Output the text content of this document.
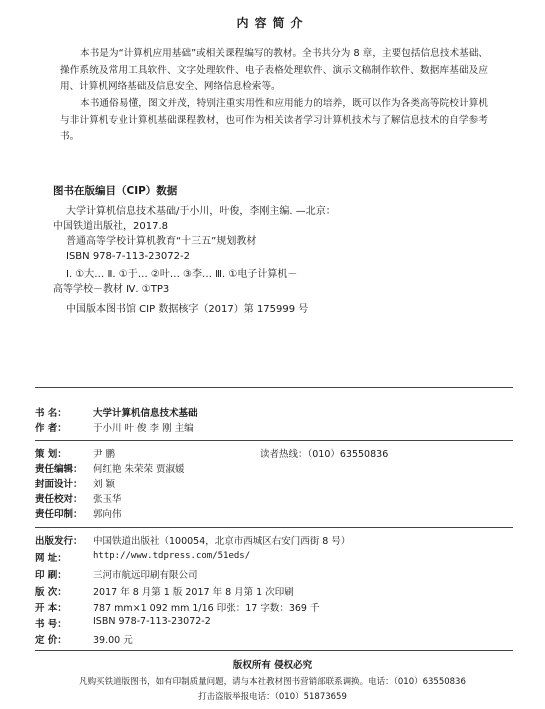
内容简介
本书是为“计算机应用基础”或相关课程编写的教材。全书共分为 8 章，主要包括信息技术基础、操作系统及常用工具软件、文字处理软件、电子表格处理软件、演示文稿制作软件、数据库基础及应用、计算机网络基础及信息安全、网络信息检索等。
本书通俗易懂，图文并茂，特别注重实用性和应用能力的培养，既可以作为各类高等院校计算机与非计算机专业计算机基础课程教材，也可作为相关读者学习计算机技术与了解信息技术的自学参考书。
图书在版编目（CIP）数据
大学计算机信息技术基础/于小川，叶俊，李刚主编. —北京：
中国铁道出版社，2017.8
普通高等学校计算机教育“十三五”规划教材
ISBN 978-7-113-23072-2
Ⅰ. ①大… Ⅱ. ①于… ②叶… ③李… Ⅲ. ①电子计算机－
高等学校－教材 Ⅳ. ①TP3
中国版本图书馆 CIP 数据核字（2017）第 175999 号
书 名：	大学计算机信息技术基础
作 者：	于小川 叶 俊 李 刚 主编
策 划：	尹 鹏	读者热线：（010）63550836
责任编辑： 何红艳 朱荣荣 贾淑媛
封面设计： 刘 颖
责任校对： 张玉华
责任印制： 郭向伟
出版发行： 中国铁道出版社（100054，北京市西城区右安门西街 8 号）
网 址：	http://www.tdpress.com/51eds/
印 刷：	三河市航远印刷有限公司
版 次：	2017 年 8 月第 1 版 2017 年 8 月第 1 次印刷
开 本：	787 mm×1 092 mm 1/16 印张：17 字数：369 千
书 号：	ISBN 978-7-113-23072-2
定 价：	39.00 元
版权所有 侵权必究
凡购买铁道版图书，如有印制质量问题，请与本社教材图书营销部联系调换。电话：（010）63550836
打击盗版举报电话：（010）51873659
